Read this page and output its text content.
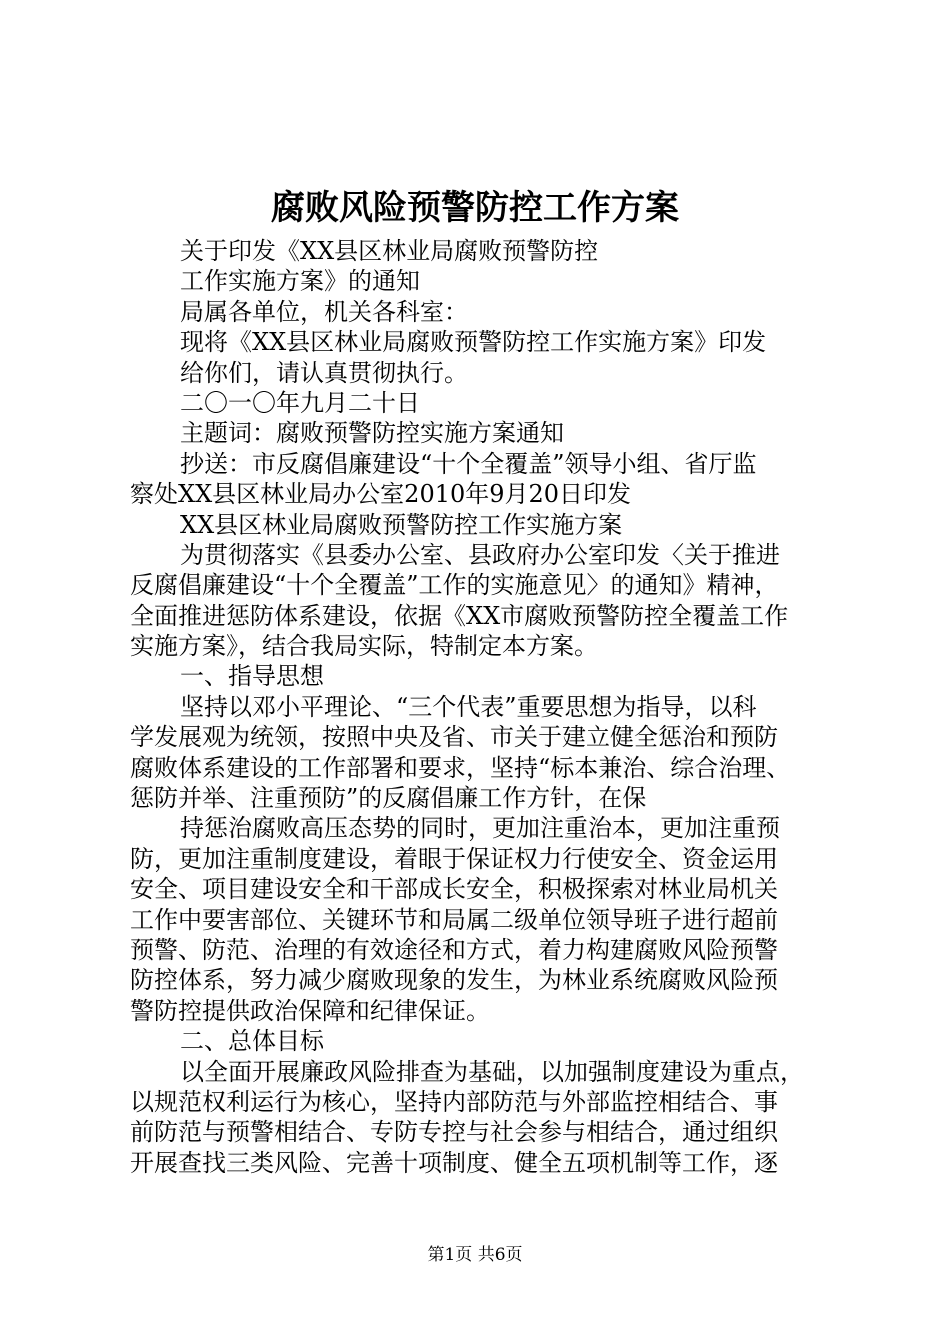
腐败风险预警防控工作方案
关于印发《XX县区林业局腐败预警防控
工作实施方案》的通知
局属各单位，机关各科室：
现将《XX县区林业局腐败预警防控工作实施方案》印发
给你们，请认真贯彻执行。
二〇一〇年九月二十日
主题词：腐败预警防控实施方案通知
抄送：市反腐倡廉建设“十个全覆盖”领导小组、省厅监
察处XX县区林业局办公室2010年9月20日印发
XX县区林业局腐败预警防控工作实施方案
为贯彻落实《县委办公室、县政府办公室印发〈关于推进
反腐倡廉建设“十个全覆盖”工作的实施意见〉的通知》精神，
全面推进惩防体系建设，依据《XX市腐败预警防控全覆盖工作
实施方案》，结合我局实际，特制定本方案。
一、指导思想
坚持以邓小平理论、“三个代表”重要思想为指导，以科
学发展观为统领，按照中央及省、市关于建立健全惩治和预防
腐败体系建设的工作部署和要求，坚持“标本兼治、综合治理、
惩防并举、注重预防”的反腐倡廉工作方针，在保
持惩治腐败高压态势的同时，更加注重治本，更加注重预
防，更加注重制度建设，着眼于保证权力行使安全、资金运用
安全、项目建设安全和干部成长安全，积极探索对林业局机关
工作中要害部位、关键环节和局属二级单位领导班子进行超前
预警、防范、治理的有效途径和方式，着力构建腐败风险预警
防控体系，努力减少腐败现象的发生，为林业系统腐败风险预
警防控提供政治保障和纪律保证。
二、总体目标
以全面开展廉政风险排查为基础，以加强制度建设为重点，
以规范权利运行为核心，坚持内部防范与外部监控相结合、事
前防范与预警相结合、专防专控与社会参与相结合，通过组织
开展查找三类风险、完善十项制度、健全五项机制等工作，逐
第1页 共6页
